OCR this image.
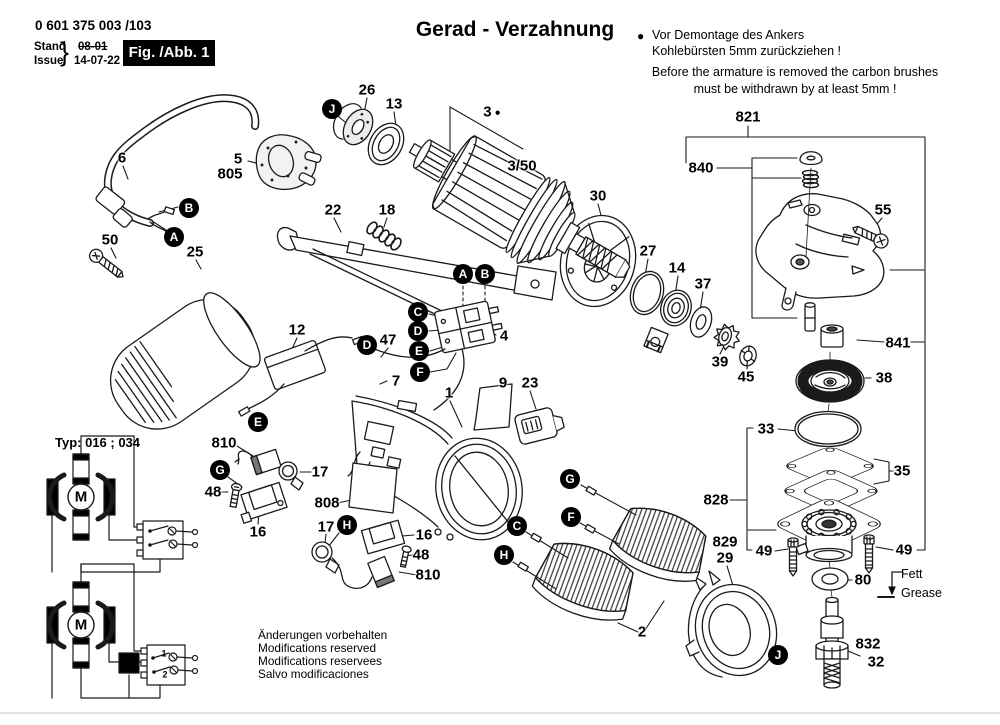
0 601 375 003 /103
Stand
Issue
} 08-01
14-07-22 Fig. /Abb. 1
Gerad - Verzahnung	● Vor Demontage des Ankers
Kohlebürsten 5mm zurückziehen !
Before the armature is removed the carbon brushes
must be withdrawn by at least 5mm !
Typ: 016 ; 034
Fett
Grease
Änderungen vorbehalten
Modifications reserved
Modifications reservees
Salvo modificaciones
26
13	3 ●
3/50
30
27
14
37
39
45
55
821
840
841
38
33
35
828
49	49
829
29
80
832
32
2
22 18
5
805
6
50
25
12
47
7
4
1
9 23
810
48
16
17
808
17	16
48
810
J
B
A
A	B
C
D
E
F
D
E
G
H
G
F
C
H
J
M
M
1
2
